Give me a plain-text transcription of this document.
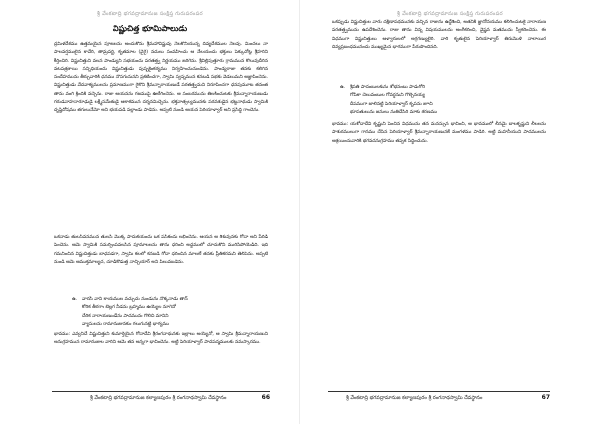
శ్రీ వేంకటాద్రి భగవద్రామానుజ సంక్షిప్త గురుపరంపర
విష్ణుచిత్త భూమిపాలుడు
ద్రమిళదేశము ఉత్తమయైన పూజలను అందుకొను శ్రీమహావిష్ణువు నెలకొనియున్న దివ్యదేశముల నెలవు. మిందలు నా పాలవర్షములైన కావేరి, తామ్రపర్ణి, కృతమాల (వైగై) నదులు సంవహించు ఆ నేలయందు భక్తులు పెక్కుచోట్ల శ్రీహరిని కీర్తించిరి. విష్ణుచిత్తుని వలన పాండ్యుని సభయందు పరతత్త్వ నిర్ణయము జరిగెను. శ్రీవిల్లిపుత్తూరు గ్రామమున కొలువుదీరిన వటపత్రశాయి సన్నిధియందు విష్ణుచిత్తుడు పుష్పకైంకర్యము నిర్వహించుచుండెను. పాండ్యరాజు తనకు కలిగిన సందేహమును తీర్చువారికి ధనము నొసగుదునని ప్రకటించగా, స్వామి స్వప్నమున కనబడి సభకు వెడలుమని ఆజ్ఞాపించెను. విష్ణుచిత్తుడు వేదవాక్యములను ప్రమాణముగా గైకొని శ్రీమన్నారాయణుడే పరతత్త్వమని నిరూపించగా ధనపుమూట తనంత తాను వంగి క్రిందికి వచ్చెను. రాజు ఆయనను గజముపై ఊరేగించెను. ఆ సంబరమును తిలకించుటకు శ్రీమన్నారాయణుడు గరుడవాహనారూఢుడై లక్ష్మీసమేతుడై ఆకాశమున దర్శనమిచ్చెను. భక్తవాత్సల్యమునకు పరవశుడైన భట్టనాథుడు స్వామికి దృష్టిదోషము తగులునేమో అని భయపడి పల్లాండు పాడెను. అప్పటి నుండి ఆయన పెరియాళ్వార్ అని ప్రసిద్ధి గాంచెను.
ఒకనాడు తులసివనమున తులసి మొక్క పాదుకయందు ఒక పసికందు లభించెను. ఆయన ఆ శిశువునకు గోదా అని పేరిడి పెంచెను. ఆమె స్వామికి సమర్పింపవలసిన పూమాలలను తాను ధరించి అద్దములో చూచుకొని మురిసిపోయెడిది. ఇది గమనించిన విష్ణుచిత్తుడు బాధపడగా, స్వామి కలలో కనబడి గోదా ధరించిన మాలలే తనకు ప్రీతికరమని తెలిపెను. అప్పటి నుండి ఆమె ఆముక్తమాల్యద, చూడికొడుత్త నాచ్చియార్ అని పిలువబడెను.
ఉ. వారసి వాని కాయముల వచ్చుచు నుండును నొక్కనాడు తాన్
కోరిక తీరగాఁ బెల్లగ నీడను బ్రహ్మము ఉయ్యెల నూగెనో
చేరిక నారాయణుఁడేను పాదమునఁ గొలిచి మానిని
వ్యాసులను రామానుజునకుఁ గలుగునట్టి భాగ్యము
భావము: ఎవ్వనిచే విష్ణుచిత్తుని కుమార్తెయైన గోదాదేవి శ్రీరంగనాథునకు ఇల్లాలు అయ్యెనో, ఆ స్వామి శ్రీమన్నారాయణుని అనుగ్రహమున రామానుజుల వారిని ఆమె తన అన్నగా భావించెను. అట్టి పెరియాళ్వార్ పాదపద్మములకు నమస్కారము.
శ్రీ వేంకటాద్రి భగవద్రామానుజ కల్యాణపురం శ్రీ రంగనాథస్వామి దేవస్థానం	66
శ్రీ వేంకటాద్రి భగవద్రామానుజ సంక్షిప్త గురుపరంపర
ఒకప్పుడు విష్ణుచిత్తుల వారు దక్షిణాపథమునకు వచ్చిన రాజును ఉద్దేశించి, అతనికి జ్ఞానోదయము కలిగించుటకై నారాయణ పరతత్త్వమును ఉపదేశించెను. రాజు తాను విన్న విషయములను అంగీకరించి, వైష్ణవ మతమును స్వీకరించెను. ఈ విధముగా విష్ణుచిత్తులు ఆళ్వారులలో అగ్రగణ్యులైరి. వారి కృతులైన పెరియాళ్వార్ తిరుమొళి నాలాయిర దివ్యప్రబంధమునందు ముఖ్యమైన భాగముగా పేరుపొందినది.
ఉ. శ్రీపతి పాదంబులకును శోభనంబు పాడఁగోరి
గోపికా చెలువంబుల గోవర్ధనుని గొల్చెనయ్య
దీపముగా జాలినట్టి పెరియాళ్వార్ కృపను జూచి
భూపతులును జనులు నుతిచేసిరి మాకు శరణము
భావము: యశోదాదేవి కృష్ణుని పెంచిన విధమును తన మనస్సున భావించి, ఆ భావములో లీనమై బాలకృష్ణుని లీలలను పాశురములుగా గానము చేసిన పెరియాళ్వార్ శ్రీమన్నారాయణునకే మంగళము పాడిరి. అట్టి మహనీయుని పాదములను ఆశ్రయించువారికి భగవదనుగ్రహము తప్పక సిద్ధించును.
శ్రీ వేంకటాద్రి భగవద్రామానుజ కల్యాణపురం శ్రీ రంగనాథస్వామి దేవస్థానం	67
